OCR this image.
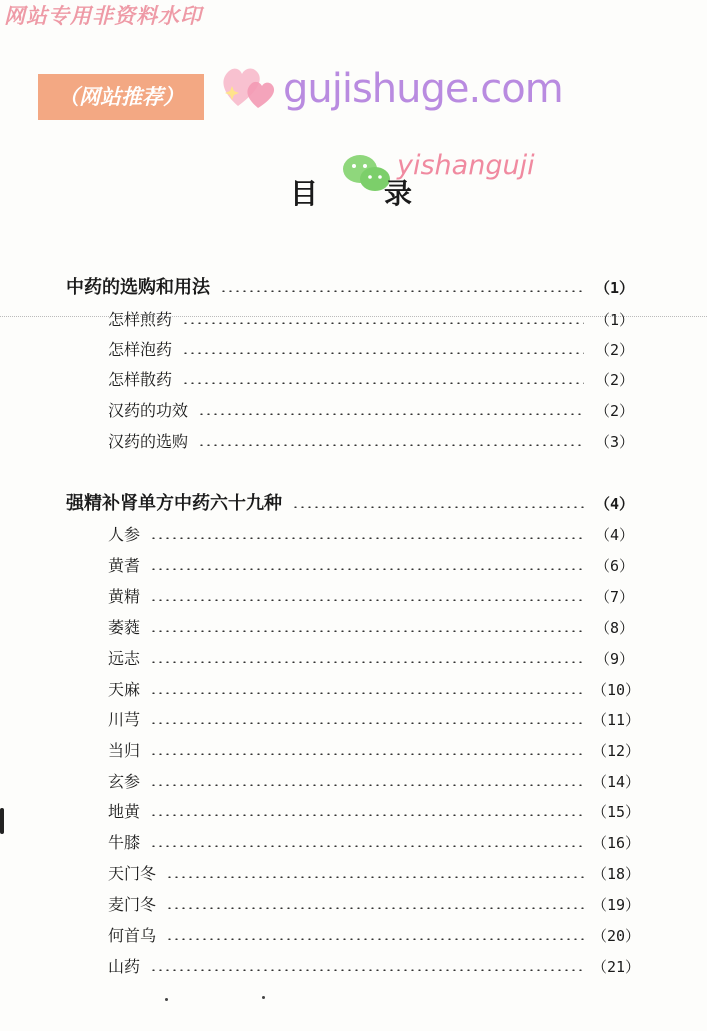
网站专用非资料水印
（网站推荐）	gujishuge.com
yishanguji
目录
中药的选购和用法	（1）
怎样煎药	（1）
怎样泡药	（2）
怎样散药	（2）
汉药的功效	（2）
汉药的选购	（3）
强精补肾单方中药六十九种	（4）
人参	（4）
黄耆	（6）
黄精	（7）
萎蕤	（8）
远志	（9）
天麻	（10）
川芎	（11）
当归	（12）
玄参	（14）
地黄	（15）
牛膝	（16）
天门冬	（18）
麦门冬	（19）
何首乌	（20）
山药	（21）
